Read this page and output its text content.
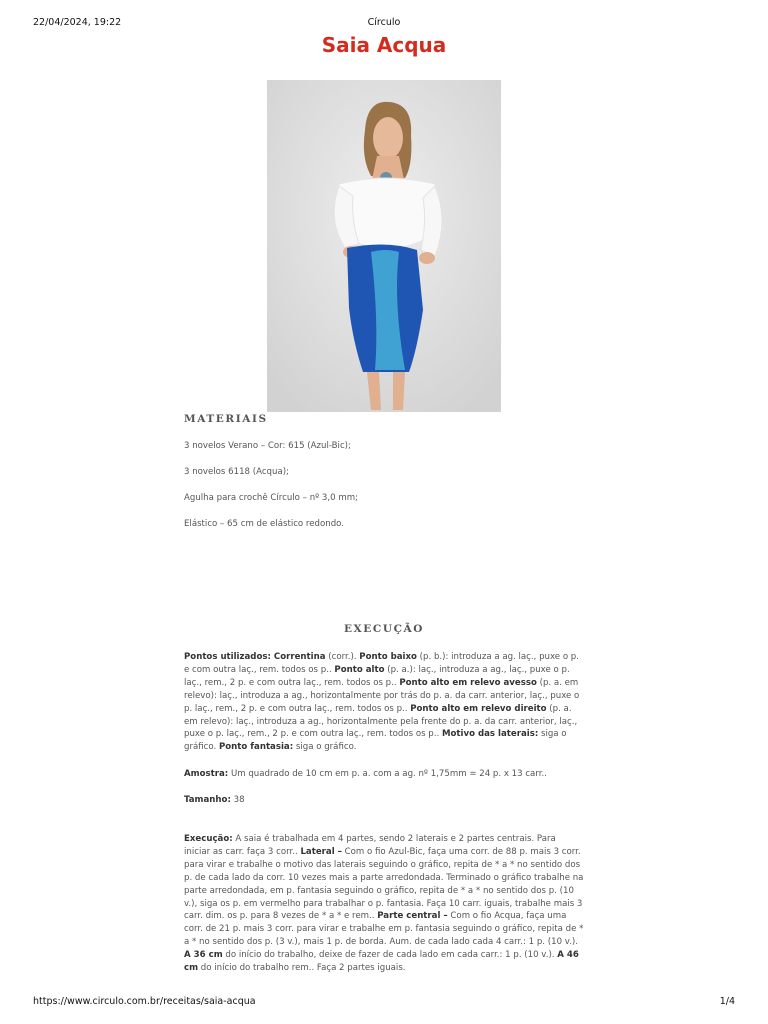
22/04/2024, 19:22	Círculo
Saia Acqua
MATERIAIS
3 novelos Verano – Cor: 615 (Azul-Bic);
3 novelos 6118 (Acqua);
Agulha para crochê Círculo – nº 3,0 mm;
Elástico – 65 cm de elástico redondo.
EXECUÇÃO
Pontos utilizados: Correntina (corr.). Ponto baixo (p. b.): introduza a ag. laç., puxe o p. e com outra laç., rem. todos os p.. Ponto alto (p. a.): laç., introduza a ag., laç., puxe o p. laç., rem., 2 p. e com outra laç., rem. todos os p.. Ponto alto em relevo avesso (p. a. em relevo): laç., introduza a ag., horizontalmente por trás do p. a. da carr. anterior, laç., puxe o p. laç., rem., 2 p. e com outra laç., rem. todos os p.. Ponto alto em relevo direito (p. a. em relevo): laç., introduza a ag., horizontalmente pela frente do p. a. da carr. anterior, laç., puxe o p. laç., rem., 2 p. e com outra laç., rem. todos os p.. Motivo das laterais: siga o gráfico. Ponto fantasia: siga o gráfico.
Amostra: Um quadrado de 10 cm em p. a. com a ag. nº 1,75mm = 24 p. x 13 carr..
Tamanho: 38
Execução: A saia é trabalhada em 4 partes, sendo 2 laterais e 2 partes centrais. Para iniciar as carr. faça 3 corr.. Lateral – Com o fio Azul-Bic, faça uma corr. de 88 p. mais 3 corr. para virar e trabalhe o motivo das laterais seguindo o gráfico, repita de * a * no sentido dos p. de cada lado da corr. 10 vezes mais a parte arredondada. Terminado o gráfico trabalhe na parte arredondada, em p. fantasia seguindo o gráfico, repita de * a * no sentido dos p. (10 v.), siga os p. em vermelho para trabalhar o p. fantasia. Faça 10 carr. iguais, trabalhe mais 3 carr. dim. os p. para 8 vezes de * a * e rem.. Parte central – Com o fio Acqua, faça uma corr. de 21 p. mais 3 corr. para virar e trabalhe em p. fantasia seguindo o gráfico, repita de * a * no sentido dos p. (3 v.), mais 1 p. de borda. Aum. de cada lado cada 4 carr.: 1 p. (10 v.). A 36 cm do início do trabalho, deixe de fazer de cada lado em cada carr.: 1 p. (10 v.). A 46 cm do início do trabalho rem.. Faça 2 partes iguais.
https://www.circulo.com.br/receitas/saia-acqua	1/4
